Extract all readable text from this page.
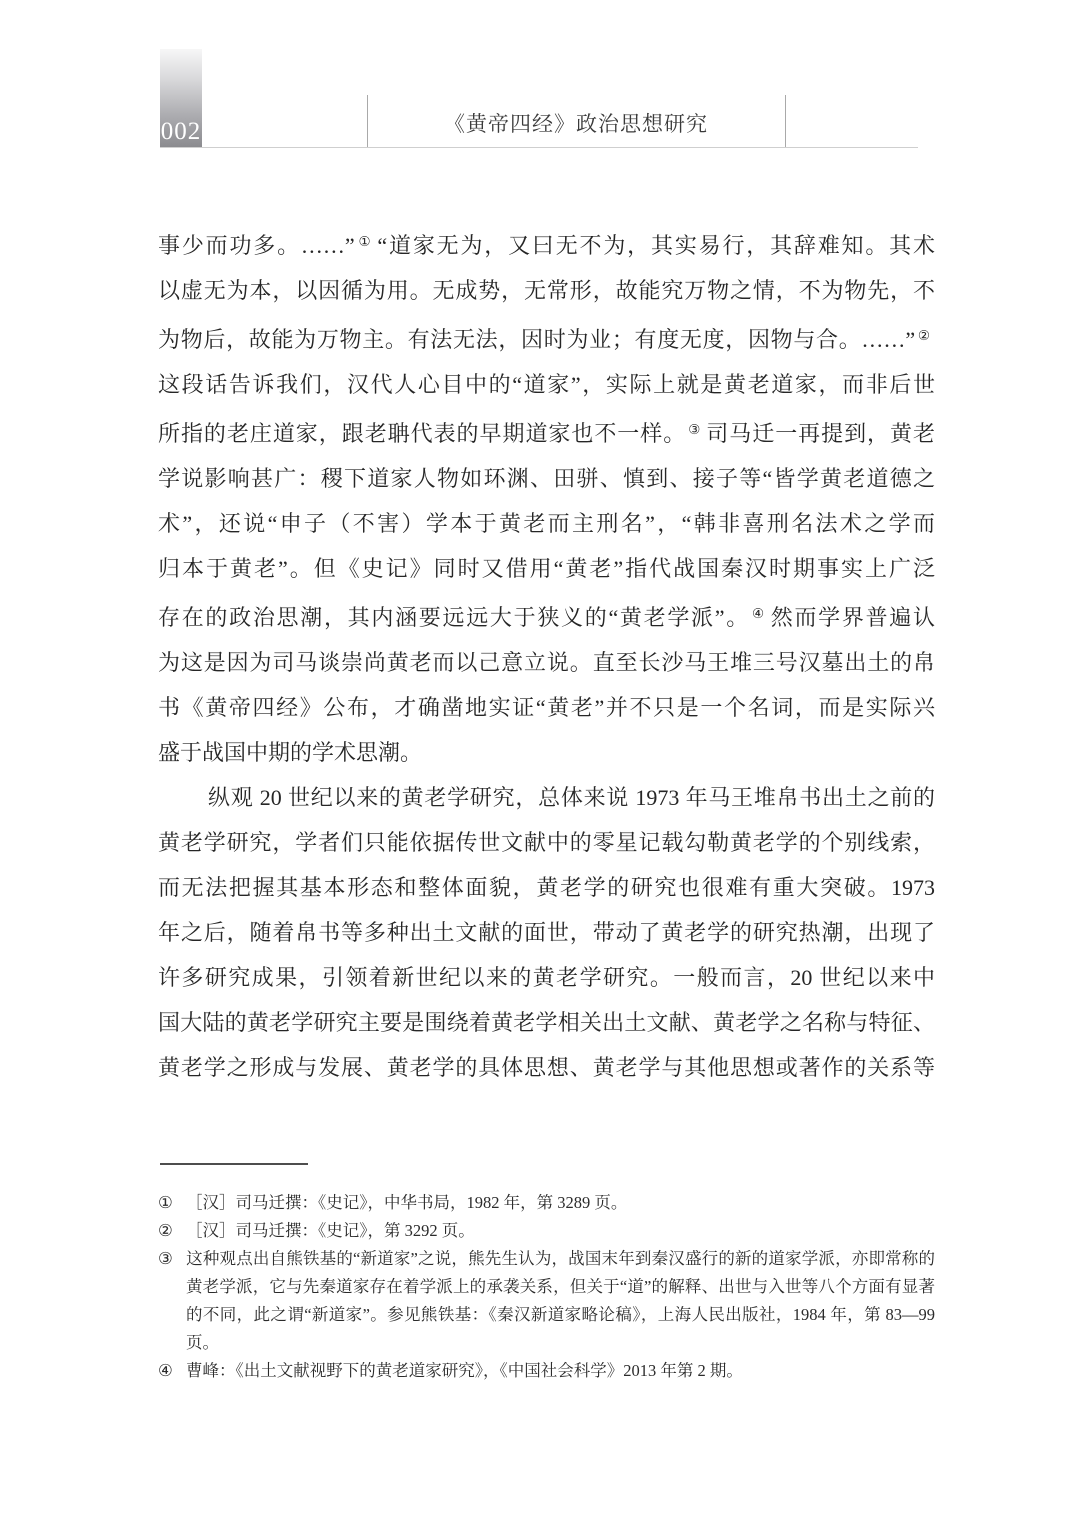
002	《黄帝四经》政治思想研究
事少而功多。……” ① “道家无为，又曰无不为，其实易行，其辞难知。其术
以虚无为本，以因循为用。无成势，无常形，故能究万物之情，不为物先，不
为物后，故能为万物主。有法无法，因时为业；有度无度，因物与合。……” ②
这段话告诉我们，汉代人心目中的“道家”，实际上就是黄老道家，而非后世
所指的老庄道家，跟老聃代表的早期道家也不一样。 ③ 司马迁一再提到，黄老
学说影响甚广：稷下道家人物如环渊、田骈、慎到、接子等“皆学黄老道德之
术”，还说“申子（不害）学本于黄老而主刑名”，“韩非喜刑名法术之学而
归本于黄老”。但《史记》同时又借用“黄老”指代战国秦汉时期事实上广泛
存在的政治思潮，其内涵要远远大于狭义的“黄老学派”。 ④ 然而学界普遍认
为这是因为司马谈崇尚黄老而以己意立说。直至长沙马王堆三号汉墓出土的帛
书《黄帝四经》公布，才确凿地实证“黄老”并不只是一个名词，而是实际兴
盛于战国中期的学术思潮。
纵观 20 世纪以来的黄老学研究，总体来说 1973 年马王堆帛书出土之前的
黄老学研究，学者们只能依据传世文献中的零星记载勾勒黄老学的个别线索，
而无法把握其基本形态和整体面貌，黄老学的研究也很难有重大突破。1973
年之后，随着帛书等多种出土文献的面世，带动了黄老学的研究热潮，出现了
许多研究成果，引领着新世纪以来的黄老学研究。一般而言，20 世纪以来中
国大陆的黄老学研究主要是围绕着黄老学相关出土文献、黄老学之名称与特征、
黄老学之形成与发展、黄老学的具体思想、黄老学与其他思想或著作的关系等
① ［汉］司马迁撰：《史记》，中华书局，1982 年，第 3289 页。
② ［汉］司马迁撰：《史记》，第 3292 页。
③ 这种观点出自熊铁基的“新道家”之说，熊先生认为，战国末年到秦汉盛行的新的道家学派，亦即常称的黄老学派，它与先秦道家存在着学派上的承袭关系，但关于“道”的解释、出世与入世等八个方面有显著的不同，此之谓“新道家”。参见熊铁基：《秦汉新道家略论稿》，上海人民出版社，1984 年，第 83—99 页。
④ 曹峰：《出土文献视野下的黄老道家研究》，《中国社会科学》2013 年第 2 期。
